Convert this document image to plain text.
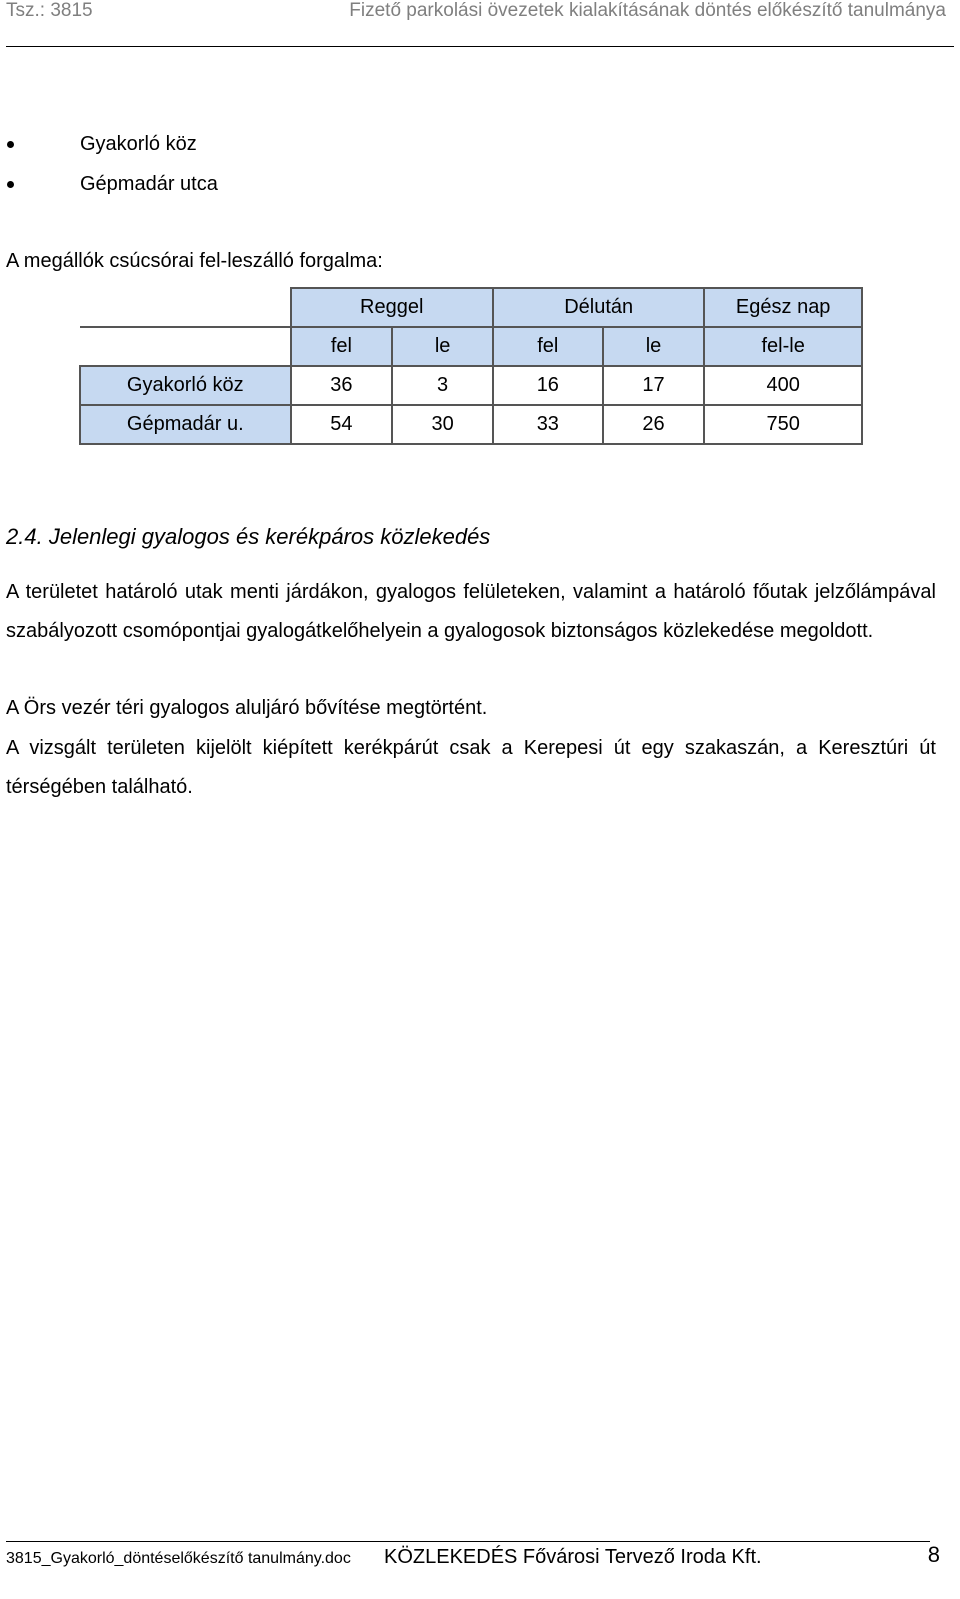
Tsz.: 3815	Fizető parkolási övezetek kialakításának döntés előkészítő tanulmánya
Gyakorló köz
Gépmadár utca
A megállók csúcsórai fel-leszálló forgalma:
	Reggel		Délután		Egész nap
	fel	le	fel	le	fel-le
Gyakorló köz	36	3	16	17	400
Gépmadár u.	54	30	33	26	750
2.4. Jelenlegi gyalogos és kerékpáros közlekedés

A területet határoló utak menti járdákon, gyalogos felületeken, valamint a határoló főutak jelzőlámpával szabályozott csomópontjai gyalogátkelőhelyein a gyalogosok biztonságos közlekedése megoldott.

A Örs vezér téri gyalogos aluljáró bővítése megtörtént.

A vizsgált területen kijelölt kiépített kerékpárút csak a Kerepesi út egy szakaszán, a Keresztúri út térségében található.

3815_Gyakorló_döntéselőkészítő tanulmány.doc KÖZLEKEDÉS Fővárosi Tervező Iroda Kft.	8
